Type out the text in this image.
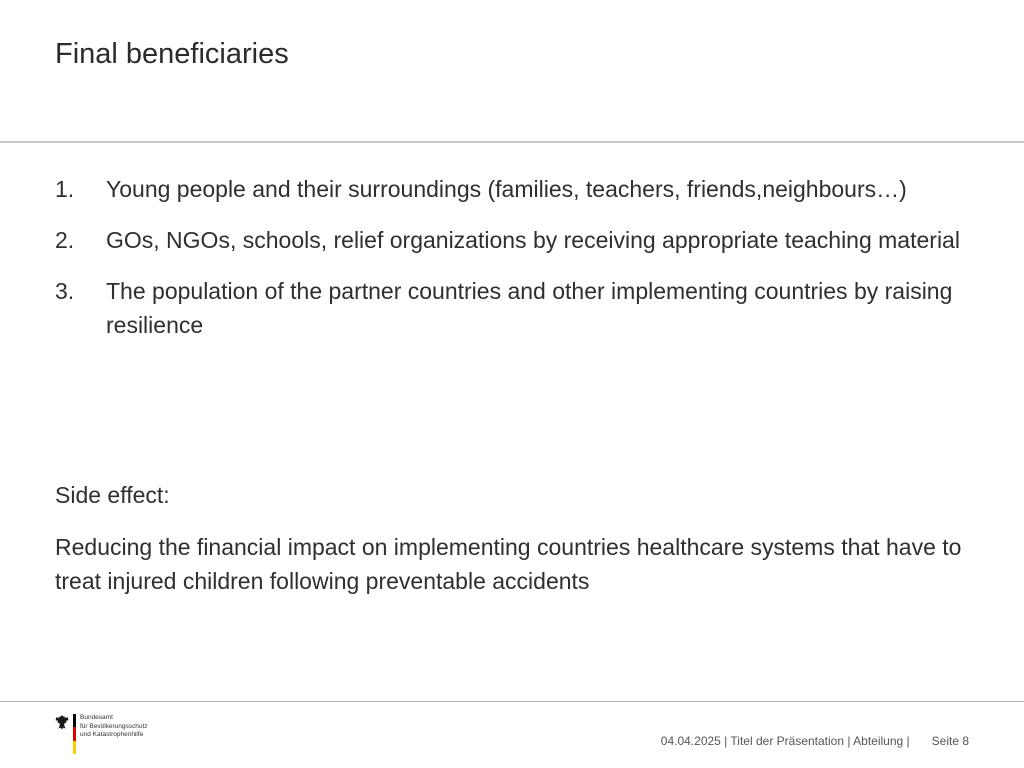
Final beneficiaries
1. Young people and their surroundings (families, teachers, friends,neighbours…)
2. GOs, NGOs, schools, relief organizations by receiving appropriate teaching material
3. The population of the partner countries and other implementing countries by raising resilience

Side effect:

Reducing the financial impact on implementing countries healthcare systems that have to treat injured children following preventable accidents

Bundesamt
für Bevölkerungsschutz
und Katastrophenhilfe	04.04.2025 | Titel der Präsentation | Abteilung | Seite 8
